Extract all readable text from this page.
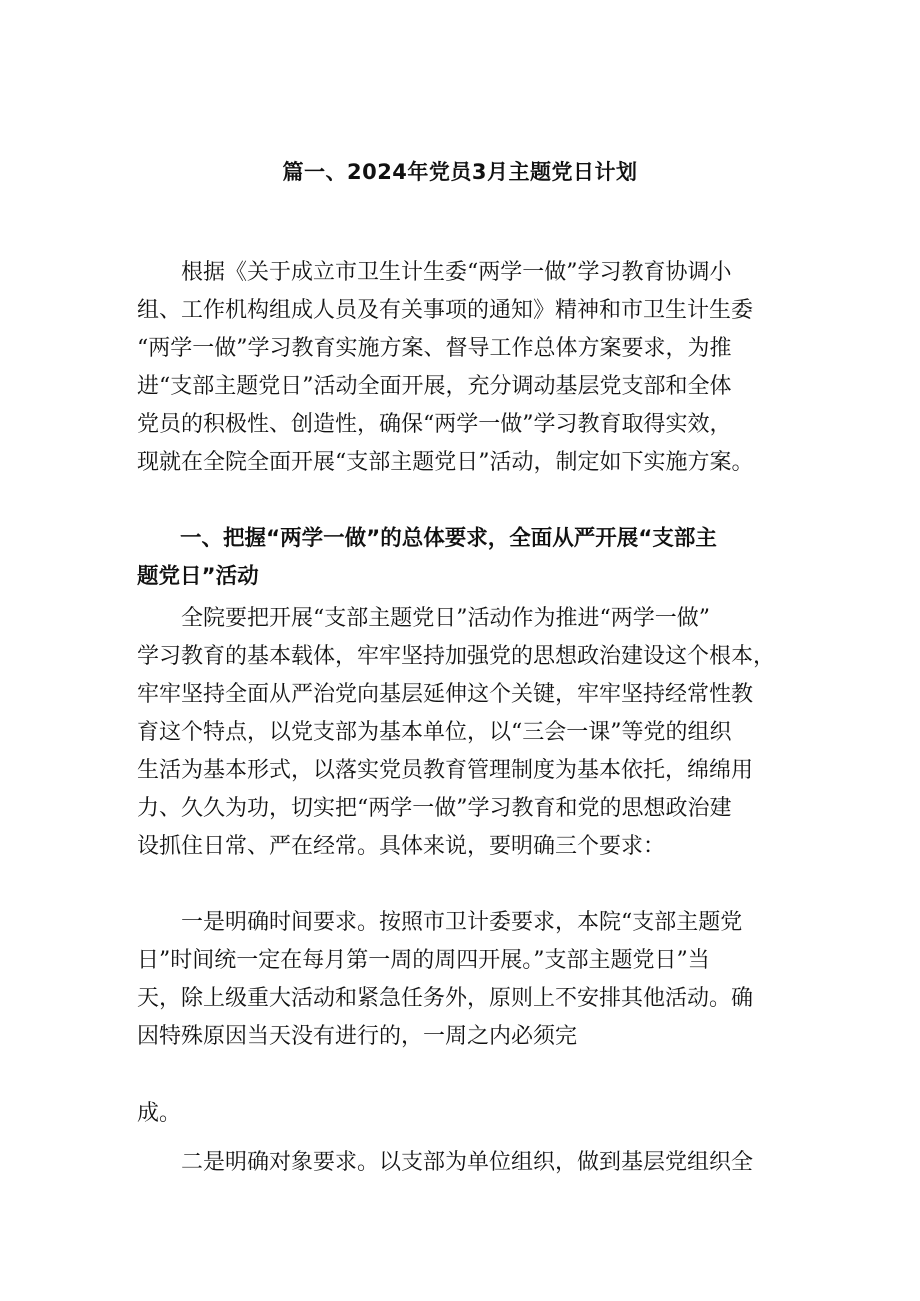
篇一、2024年党员3月主题党日计划
　　根据《关于成立市卫生计生委“两学一做”学习教育协调小
组、工作机构组成人员及有关事项的通知》精神和市卫生计生委
“两学一做”学习教育实施方案、督导工作总体方案要求，为推
进“支部主题党日”活动全面开展，充分调动基层党支部和全体
党员的积极性、创造性，确保“两学一做”学习教育取得实效，
现就在全院全面开展“支部主题党日”活动，制定如下实施方案。
　　一、把握“两学一做”的总体要求，全面从严开展“支部主
题党日”活动
　　全院要把开展“支部主题党日”活动作为推进“两学一做”
学习教育的基本载体，牢牢坚持加强党的思想政治建设这个根本，
牢牢坚持全面从严治党向基层延伸这个关键，牢牢坚持经常性教
育这个特点，以党支部为基本单位，以“三会一课”等党的组织
生活为基本形式，以落实党员教育管理制度为基本依托，绵绵用
力、久久为功，切实把“两学一做”学习教育和党的思想政治建
设抓住日常、严在经常。具体来说，要明确三个要求：
　　一是明确时间要求。按照市卫计委要求，本院“支部主题党
日”时间统一定在每月第一周的周四开展。”支部主题党日”当
天，除上级重大活动和紧急任务外，原则上不安排其他活动。确
因特殊原因当天没有进行的，一周之内必须完
成。
　　二是明确对象要求。以支部为单位组织，做到基层党组织全
